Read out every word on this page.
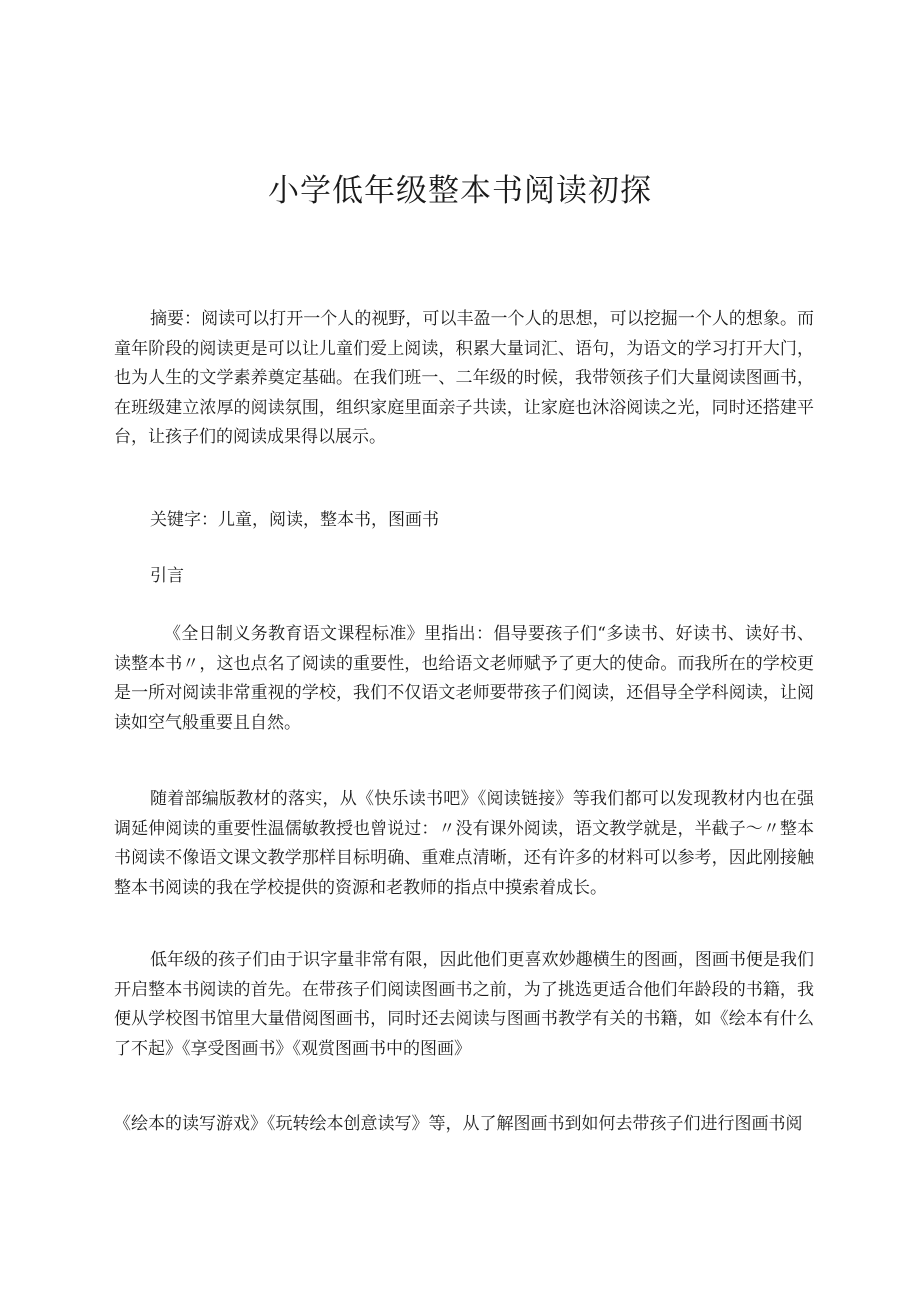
小学低年级整本书阅读初探

摘要：阅读可以打开一个人的视野，可以丰盈一个人的思想，可以挖掘一个人的想象。而童年阶段的阅读更是可以让儿童们爱上阅读，积累大量词汇、语句，为语文的学习打开大门，也为人生的文学素养奠定基础。在我们班一、二年级的时候，我带领孩子们大量阅读图画书，在班级建立浓厚的阅读氛围，组织家庭里面亲子共读，让家庭也沐浴阅读之光，同时还搭建平台，让孩子们的阅读成果得以展示。

关键字：儿童，阅读，整本书，图画书

引言

《全日制义务教育语文课程标准》里指出：倡导要孩子们“多读书、好读书、读好书、读整本书〃，这也点名了阅读的重要性，也给语文老师赋予了更大的使命。而我所在的学校更是一所对阅读非常重视的学校，我们不仅语文老师要带孩子们阅读，还倡导全学科阅读，让阅读如空气般重要且自然。

随着部编版教材的落实，从《快乐读书吧》《阅读链接》等我们都可以发现教材内也在强调延伸阅读的重要性温儒敏教授也曾说过：〃没有课外阅读，语文教学就是，半截子〜〃整本书阅读不像语文课文教学那样目标明确、重难点清晰，还有许多的材料可以参考，因此刚接触整本书阅读的我在学校提供的资源和老教师的指点中摸索着成长。

低年级的孩子们由于识字量非常有限，因此他们更喜欢妙趣横生的图画，图画书便是我们开启整本书阅读的首先。在带孩子们阅读图画书之前，为了挑选更适合他们年龄段的书籍，我便从学校图书馆里大量借阅图画书，同时还去阅读与图画书教学有关的书籍，如《绘本有什么了不起》《享受图画书》《观赏图画书中的图画》

《绘本的读写游戏》《玩转绘本创意读写》等，从了解图画书到如何去带孩子们进行图画书阅
